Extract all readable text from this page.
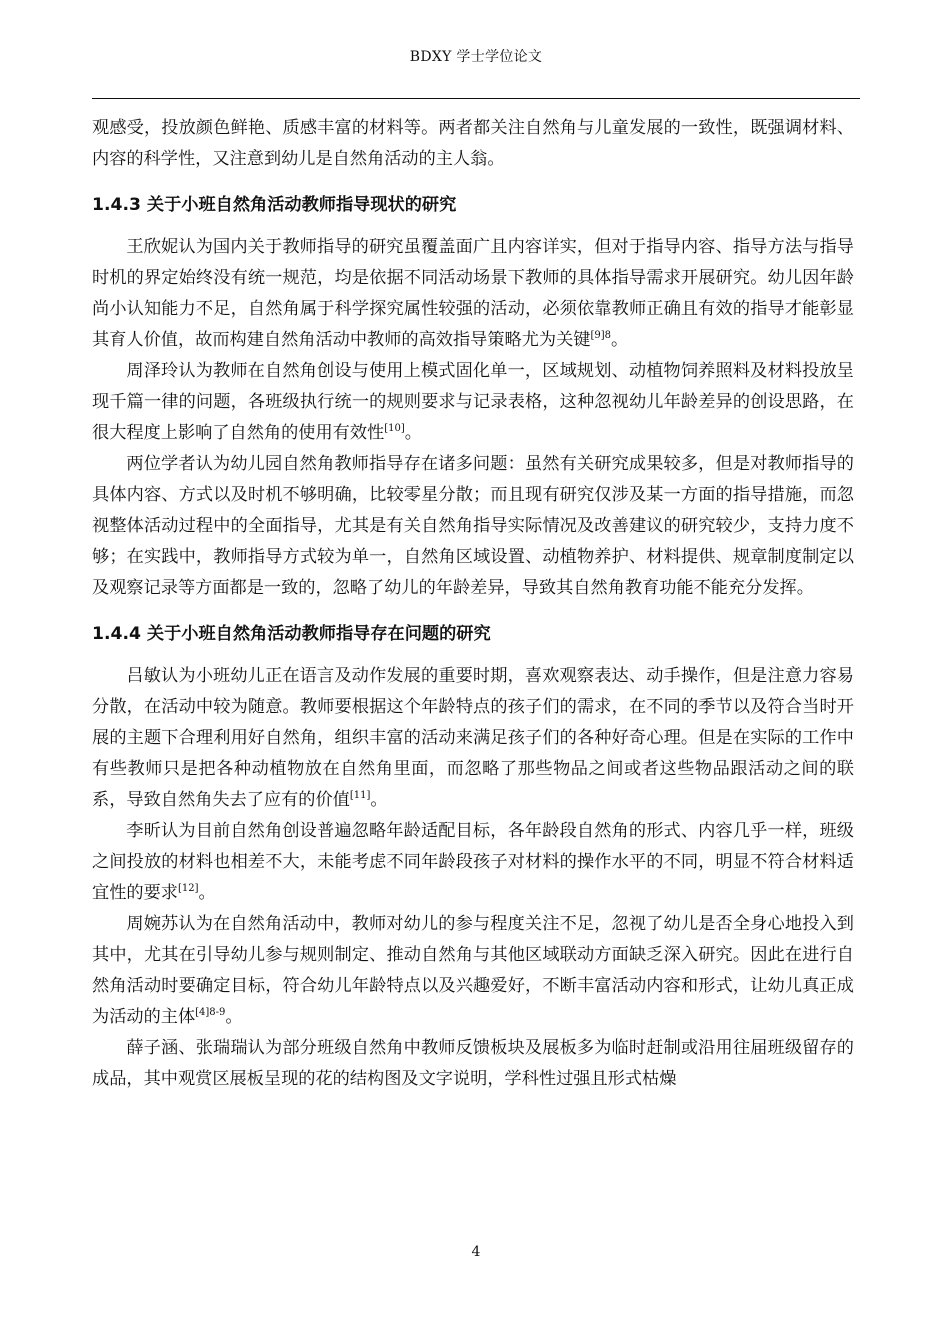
BDXY 学士学位论文

观感受，投放颜色鲜艳、质感丰富的材料等。两者都关注自然角与儿童发展的一致性，既强调材料、内容的科学性，又注意到幼儿是自然角活动的主人翁。

1.4.3 关于小班自然角活动教师指导现状的研究

王欣妮认为国内关于教师指导的研究虽覆盖面广且内容详实，但对于指导内容、指导方法与指导时机的界定始终没有统一规范，均是依据不同活动场景下教师的具体指导需求开展研究。幼儿因年龄尚小认知能力不足，自然角属于科学探究属性较强的活动，必须依靠教师正确且有效的指导才能彰显其育人价值，故而构建自然角活动中教师的高效指导策略尤为关键$^{[9]8}$。

周泽玲认为教师在自然角创设与使用上模式固化单一，区域规划、动植物饲养照料及材料投放呈现千篇一律的问题，各班级执行统一的规则要求与记录表格，这种忽视幼儿年龄差异的创设思路，在很大程度上影响了自然角的使用有效性[10]。

两位学者认为幼儿园自然角教师指导存在诸多问题：虽然有关研究成果较多，但是对教师指导的具体内容、方式以及时机不够明确，比较零星分散；而且现有研究仅涉及某一方面的指导措施，而忽视整体活动过程中的全面指导，尤其是有关自然角指导实际情况及改善建议的研究较少，支持力度不够；在实践中，教师指导方式较为单一，自然角区域设置、动植物养护、材料提供、规章制度制定以及观察记录等方面都是一致的，忽略了幼儿的年龄差异，导致其自然角教育功能不能充分发挥。

1.4.4 关于小班自然角活动教师指导存在问题的研究

吕敏认为小班幼儿正在语言及动作发展的重要时期，喜欢观察表达、动手操作，但是注意力容易分散，在活动中较为随意。教师要根据这个年龄特点的孩子们的需求，在不同的季节以及符合当时开展的主题下合理利用好自然角，组织丰富的活动来满足孩子们的各种好奇心理。但是在实际的工作中有些教师只是把各种动植物放在自然角里面，而忽略了那些物品之间或者这些物品跟活动之间的联系，导致自然角失去了应有的价值[11]。

李昕认为目前自然角创设普遍忽略年龄适配目标，各年龄段自然角的形式、内容几乎一样，班级之间投放的材料也相差不大，未能考虑不同年龄段孩子对材料的操作水平的不同，明显不符合材料适宜性的要求[12]。

周婉苏认为在自然角活动中，教师对幼儿的参与程度关注不足，忽视了幼儿是否全身心地投入到其中，尤其在引导幼儿参与规则制定、推动自然角与其他区域联动方面缺乏深入研究。因此在进行自然角活动时要确定目标，符合幼儿年龄特点以及兴趣爱好，不断丰富活动内容和形式，让幼儿真正成为活动的主体$^{[4]8-9}$。

薛子涵、张瑞瑞认为部分班级自然角中教师反馈板块及展板多为临时赶制或沿用往届班级留存的成品，其中观赏区展板呈现的花的结构图及文字说明，学科性过强且形式枯燥

4
